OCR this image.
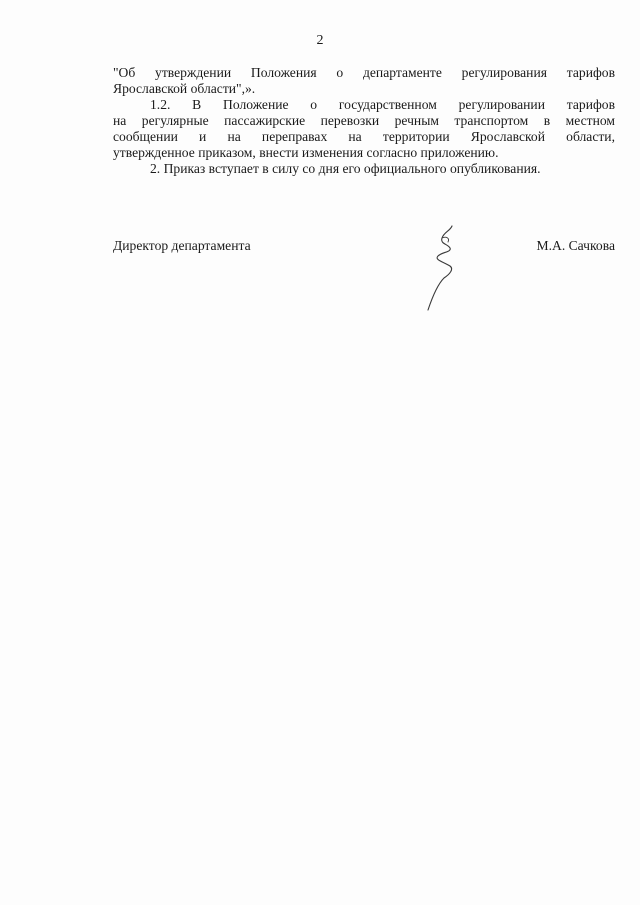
2

"Об утверждении Положения о департаменте регулирования тарифов
Ярославской области",».

1.2. В Положение о государственном регулировании тарифов
на регулярные пассажирские перевозки речным транспортом в местном
сообщении и на переправах на территории Ярославской области,
утвержденное приказом, внести изменения согласно приложению.

2. Приказ вступает в силу со дня его официального опубликования.

Директор департамента	М.А. Сачкова
